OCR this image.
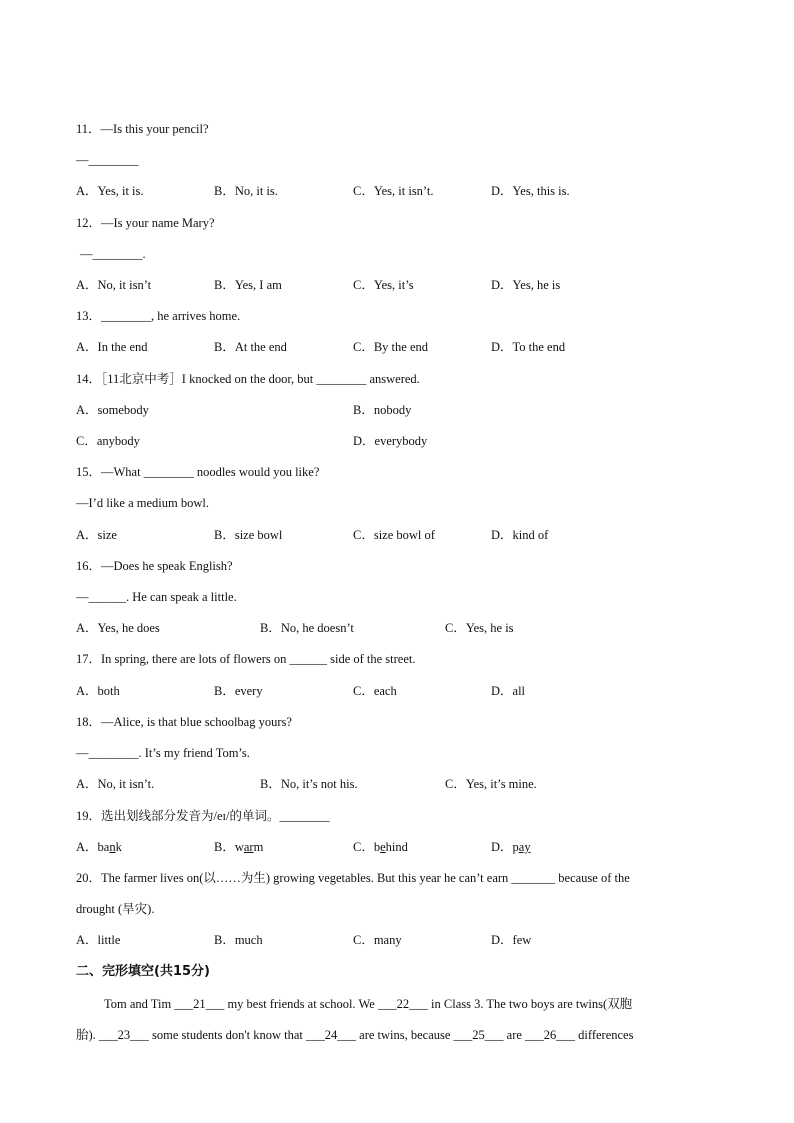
11．—Is this your pencil?
—________
A．Yes, it is.	B．No, it is.	C．Yes, it isn’t.	D．Yes, this is.
12．—Is your name Mary?
—________.
A．No, it isn’t	B．Yes, I am	C．Yes, it’s	D．Yes, he is
13．________, he arrives home.
A．In the end	B．At the end	C．By the end	D．To the end
14．［11北京中考］I knocked on the door, but ________ answered.
A．somebody	B．nobody
C．anybody	D．everybody
15．—What ________ noodles would you like?
—I’d like a medium bowl.
A．size	B．size bowl	C．size bowl of	D．kind of
16．—Does he speak English?
—______. He can speak a little.
A．Yes, he does	B．No, he doesn’t	C．Yes, he is
17．In spring, there are lots of flowers on ______ side of the street.
A．both	B．every	C．each	D．all
18．—Alice, is that blue schoolbag yours?
—________. It’s my friend Tom’s.
A．No, it isn’t.	B．No, it’s not his.	C．Yes, it’s mine.
19．选出划线部分发音为/eɪ/的单词。________
A．bank	B．warm	C．behind	D．pay
20．The farmer lives on(以……为生) growing vegetables. But this year he can’t earn _______ because of the
drought (旱灾).
A．little	B．much	C．many	D．few
二、完形填空(共15分)
Tom and Tim ___21___ my best friends at school. We ___22___ in Class 3. The two boys are twins(双胞
胎). ___23___ some students don't know that ___24___ are twins, because ___25___ are ___26___ differences
